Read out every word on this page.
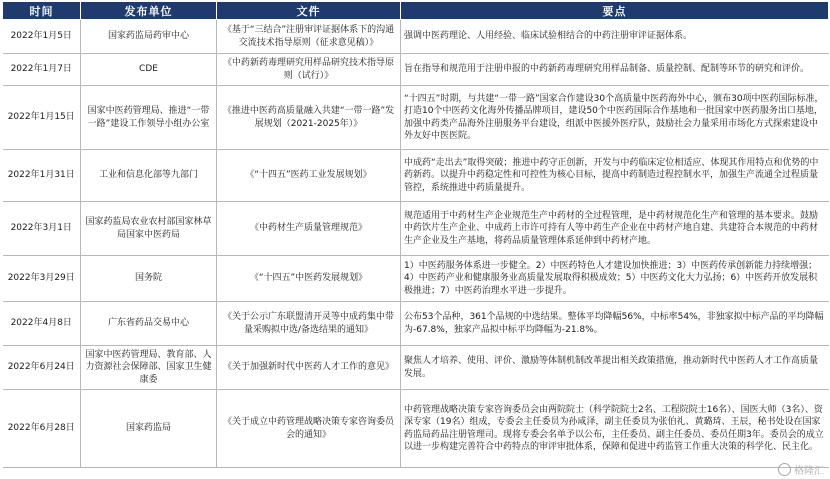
时间	发布单位	文件	要点
2022年1月5日	国家药监局药审中心	《基于“三结合”注册审评证据体系下的沟通交流技术指导原则（征求意见稿）》	强调中医药理论、人用经验、临床试验相结合的中药注册审评证据体系。
2022年1月7日	CDE	《中药新药毒理研究用样品研究技术指导原则（试行）》	旨在指导和规范用于注册申报的中药新药毒理研究用样品制备、质量控制、配制等环节的研究和评价。
2022年1月15日	国家中医药管理局、推进“一带一路”建设工作领导小组办公室	《推进中医药高质量融入共建“一带一路”发展规划（2021-2025年）》	“十四五”时期，与共建“一带一路”国家合作建设30个高质量中医药海外中心，颁布30项中医药国际标准，打造10个中医药文化海外传播品牌项目，建设50个中医药国际合作基地和一批国家中医药服务出口基地，加强中药类产品海外注册服务平台建设，组派中医援外医疗队，鼓励社会力量采用市场化方式探索建设中外友好中医医院。
2022年1月31日	工业和信息化部等九部门	《“十四五”医药工业发展规划》	中成药“走出去”取得突破；推进中药守正创新，开发与中药临床定位相适应、体现其作用特点和优势的中药新药。以提升中药稳定性和可控性为核心目标，提高中药制造过程控制水平，加强生产流通全过程质量管控，系统推进中药质量提升。
2022年3月1日	国家药监局农业农村部国家林草局国家中医药局	《中药材生产质量管理规范》	规范适用于中药材生产企业规范生产中药材的全过程管理，是中药材规范化生产和管理的基本要求。鼓励中药饮片生产企业、中成药上市许可持有人等中药生产企业在中药材产地自建、共建符合本规范的中药材生产企业及生产基地，将药品质量管理体系延伸到中药材产地。
2022年3月29日	国务院	《“十四五”中医药发展规划》	1）中医药服务体系进一步健全。2）中医药特色人才建设加快推进；3）中医药传承创新能力持续增强；4）中医药产业和健康服务业高质量发展取得积极成效；5）中医药文化大力弘扬；6）中医药开放发展积极推进；7）中医药治理水平进一步提升。
2022年4月8日	广东省药品交易中心	《关于公示广东联盟清开灵等中成药集中带量采购拟中选/备选结果的通知》	公布53个品种，361个品规的中选结果。整体平均降幅56%，中标率54%，非独家拟中标产品的平均降幅为-67.8%，独家产品拟中标平均降幅为-21.8%。
2022年6月24日	国家中医药管理局、教育部、人力资源社会保障部、国家卫生健康委	《关于加强新时代中医药人才工作的意见》	聚焦人才培养、使用、评价、激励等体制机制改革提出相关政策措施，推动新时代中医药人才工作高质量发展。
2022年6月28日	国家药监局	《关于成立中药管理战略决策专家咨询委员会的通知》	中药管理战略决策专家咨询委员会由两院院士（科学院院士2名、工程院院士16名）、国医大师（3名）、资深专家（19名）组成，专委会主任委员为孙咸泽，副主任委员为张伯礼、黄璐琦、王辰，秘书处设在国家药监局药品注册管理司。现将专委会名单予以公布，主任委员、副主任委员、委员任期3年。委员会的成立以进一步构建完善符合中药特点的审评审批体系，保障和促进中药监管工作重大决策的科学化、民主化。
格隆汇
